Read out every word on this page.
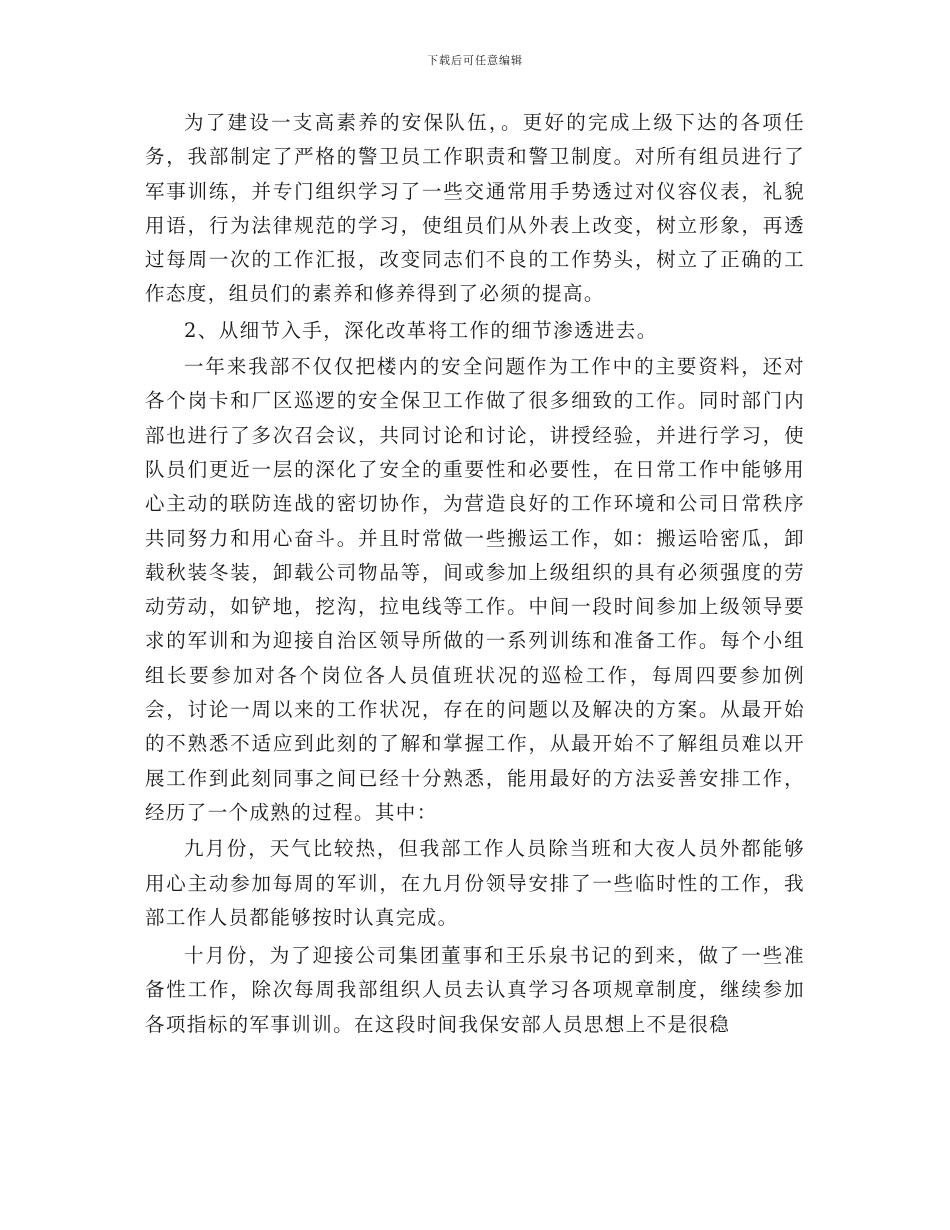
下载后可任意编辑

为了建设一支高素养的安保队伍，。更好的完成上级下达的各项任务，我部制定了严格的警卫员工作职责和警卫制度。对所有组员进行了军事训练，并专门组织学习了一些交通常用手势透过对仪容仪表，礼貌用语，行为法律规范的学习，使组员们从外表上改变，树立形象，再透过每周一次的工作汇报，改变同志们不良的工作势头，树立了正确的工作态度，组员们的素养和修养得到了必须的提高。

2、从细节入手，深化改革将工作的细节渗透进去。

一年来我部不仅仅把楼内的安全问题作为工作中的主要资料，还对各个岗卡和厂区巡逻的安全保卫工作做了很多细致的工作。同时部门内部也进行了多次召会议，共同讨论和讨论，讲授经验，并进行学习，使队员们更近一层的深化了安全的重要性和必要性，在日常工作中能够用心主动的联防连战的密切协作，为营造良好的工作环境和公司日常秩序共同努力和用心奋斗。并且时常做一些搬运工作，如：搬运哈密瓜，卸载秋装冬装，卸载公司物品等，间或参加上级组织的具有必须强度的劳动劳动，如铲地，挖沟，拉电线等工作。中间一段时间参加上级领导要求的军训和为迎接自治区领导所做的一系列训练和准备工作。每个小组组长要参加对各个岗位各人员值班状况的巡检工作，每周四要参加例会，讨论一周以来的工作状况，存在的问题以及解决的方案。从最开始的不熟悉不适应到此刻的了解和掌握工作，从最开始不了解组员难以开展工作到此刻同事之间已经十分熟悉，能用最好的方法妥善安排工作，经历了一个成熟的过程。其中：

九月份，天气比较热，但我部工作人员除当班和大夜人员外都能够用心主动参加每周的军训，在九月份领导安排了一些临时性的工作，我部工作人员都能够按时认真完成。

十月份，为了迎接公司集团董事和王乐泉书记的到来，做了一些准备性工作，除次每周我部组织人员去认真学习各项规章制度，继续参加各项指标的军事训训。在这段时间我保安部人员思想上不是很稳
